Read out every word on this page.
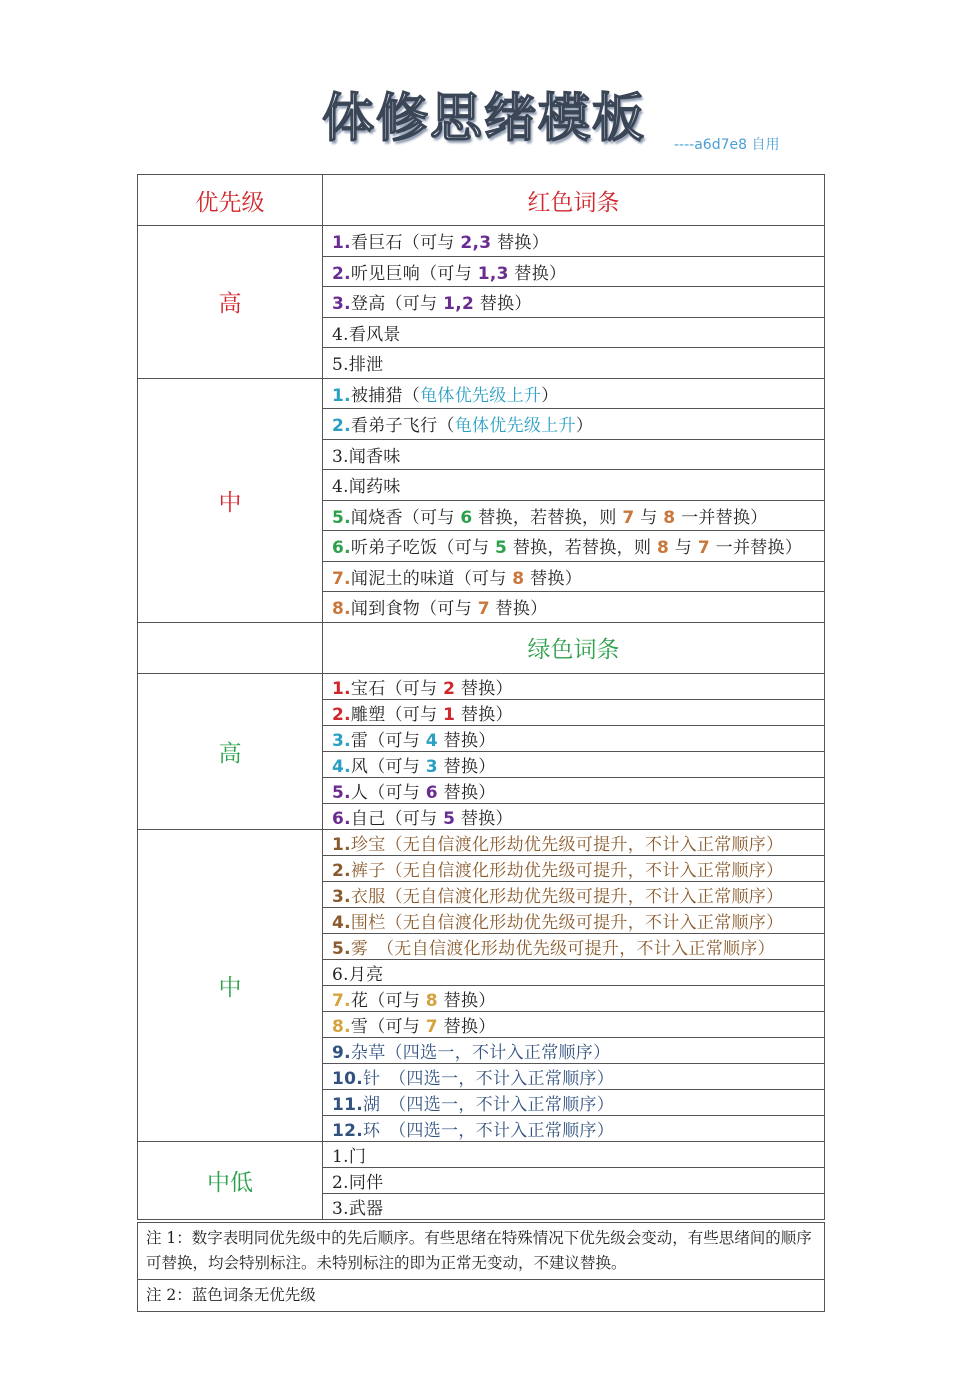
体修思绪模板	----a6d7e8 自用
优先级	红色词条
高	1.看巨石（可与 2,3 替换）
	2.听见巨响（可与 1,3 替换）
	3.登高（可与 1,2 替换）
	4.看风景
	5.排泄
中	1.被捕猎（龟体优先级上升）
	2.看弟子飞行（龟体优先级上升）
	3.闻香味
	4.闻药味
	5.闻烧香（可与 6 替换，若替换，则 7 与 8 一并替换）
	6.听弟子吃饭（可与 5 替换，若替换，则 8 与 7 一并替换）
	7.闻泥土的味道（可与 8 替换）
	8.闻到食物（可与 7 替换）
	绿色词条
高	1.宝石（可与 2 替换）
	2.雕塑（可与 1 替换）
	3.雷（可与 4 替换）
	4.风（可与 3 替换）
	5.人（可与 6 替换）
	6.自己（可与 5 替换）
中	1.珍宝（无自信渡化形劫优先级可提升，不计入正常顺序）
	2.裤子（无自信渡化形劫优先级可提升，不计入正常顺序）
	3.衣服（无自信渡化形劫优先级可提升，不计入正常顺序）
	4.围栏（无自信渡化形劫优先级可提升，不计入正常顺序）
	5.雾　（无自信渡化形劫优先级可提升，不计入正常顺序）
	6.月亮
	7.花（可与 8 替换）
	8.雪（可与 7 替换）
	9.杂草（四选一，不计入正常顺序）
	10.针　（四选一，不计入正常顺序）
	11.湖　（四选一，不计入正常顺序）
	12.环　（四选一，不计入正常顺序）
中低	1.门
	2.同伴
	3.武器
注 1：数字表明同优先级中的先后顺序。有些思绪在特殊情况下优先级会变动，有些思绪间的顺序可替换，均会特别标注。未特别标注的即为正常无变动，不建议替换。
注 2：蓝色词条无优先级
